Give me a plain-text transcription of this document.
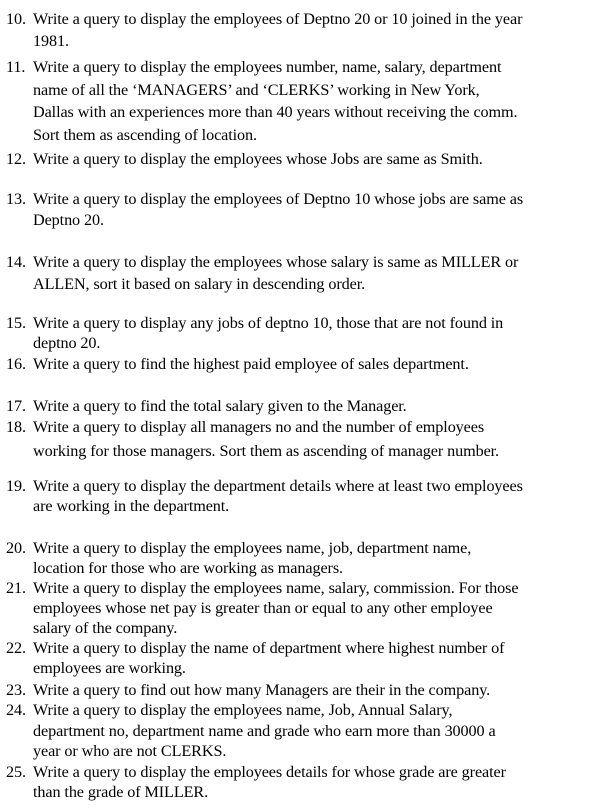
10. Write a query to display the employees of Deptno 20 or 10 joined in the year
1981.
11. Write a query to display the employees number, name, salary, department
name of all the ‘MANAGERS’ and ‘CLERKS’ working in New York,
Dallas with an experiences more than 40 years without receiving the comm.
Sort them as ascending of location.
12. Write a query to display the employees whose Jobs are same as Smith.
13. Write a query to display the employees of Deptno 10 whose jobs are same as
Deptno 20.
14. Write a query to display the employees whose salary is same as MILLER or
ALLEN, sort it based on salary in descending order.
15. Write a query to display any jobs of deptno 10, those that are not found in
deptno 20.
16. Write a query to find the highest paid employee of sales department.
17. Write a query to find the total salary given to the Manager.
18. Write a query to display all managers no and the number of employees
working for those managers. Sort them as ascending of manager number.
19. Write a query to display the department details where at least two employees
are working in the department.
20. Write a query to display the employees name, job, department name,
location for those who are working as managers.
21. Write a query to display the employees name, salary, commission. For those
employees whose net pay is greater than or equal to any other employee
salary of the company.
22. Write a query to display the name of department where highest number of
employees are working.
23. Write a query to find out how many Managers are their in the company.
24. Write a query to display the employees name, Job, Annual Salary,
department no, department name and grade who earn more than 30000 a
year or who are not CLERKS.
25. Write a query to display the employees details for whose grade are greater
than the grade of MILLER.
